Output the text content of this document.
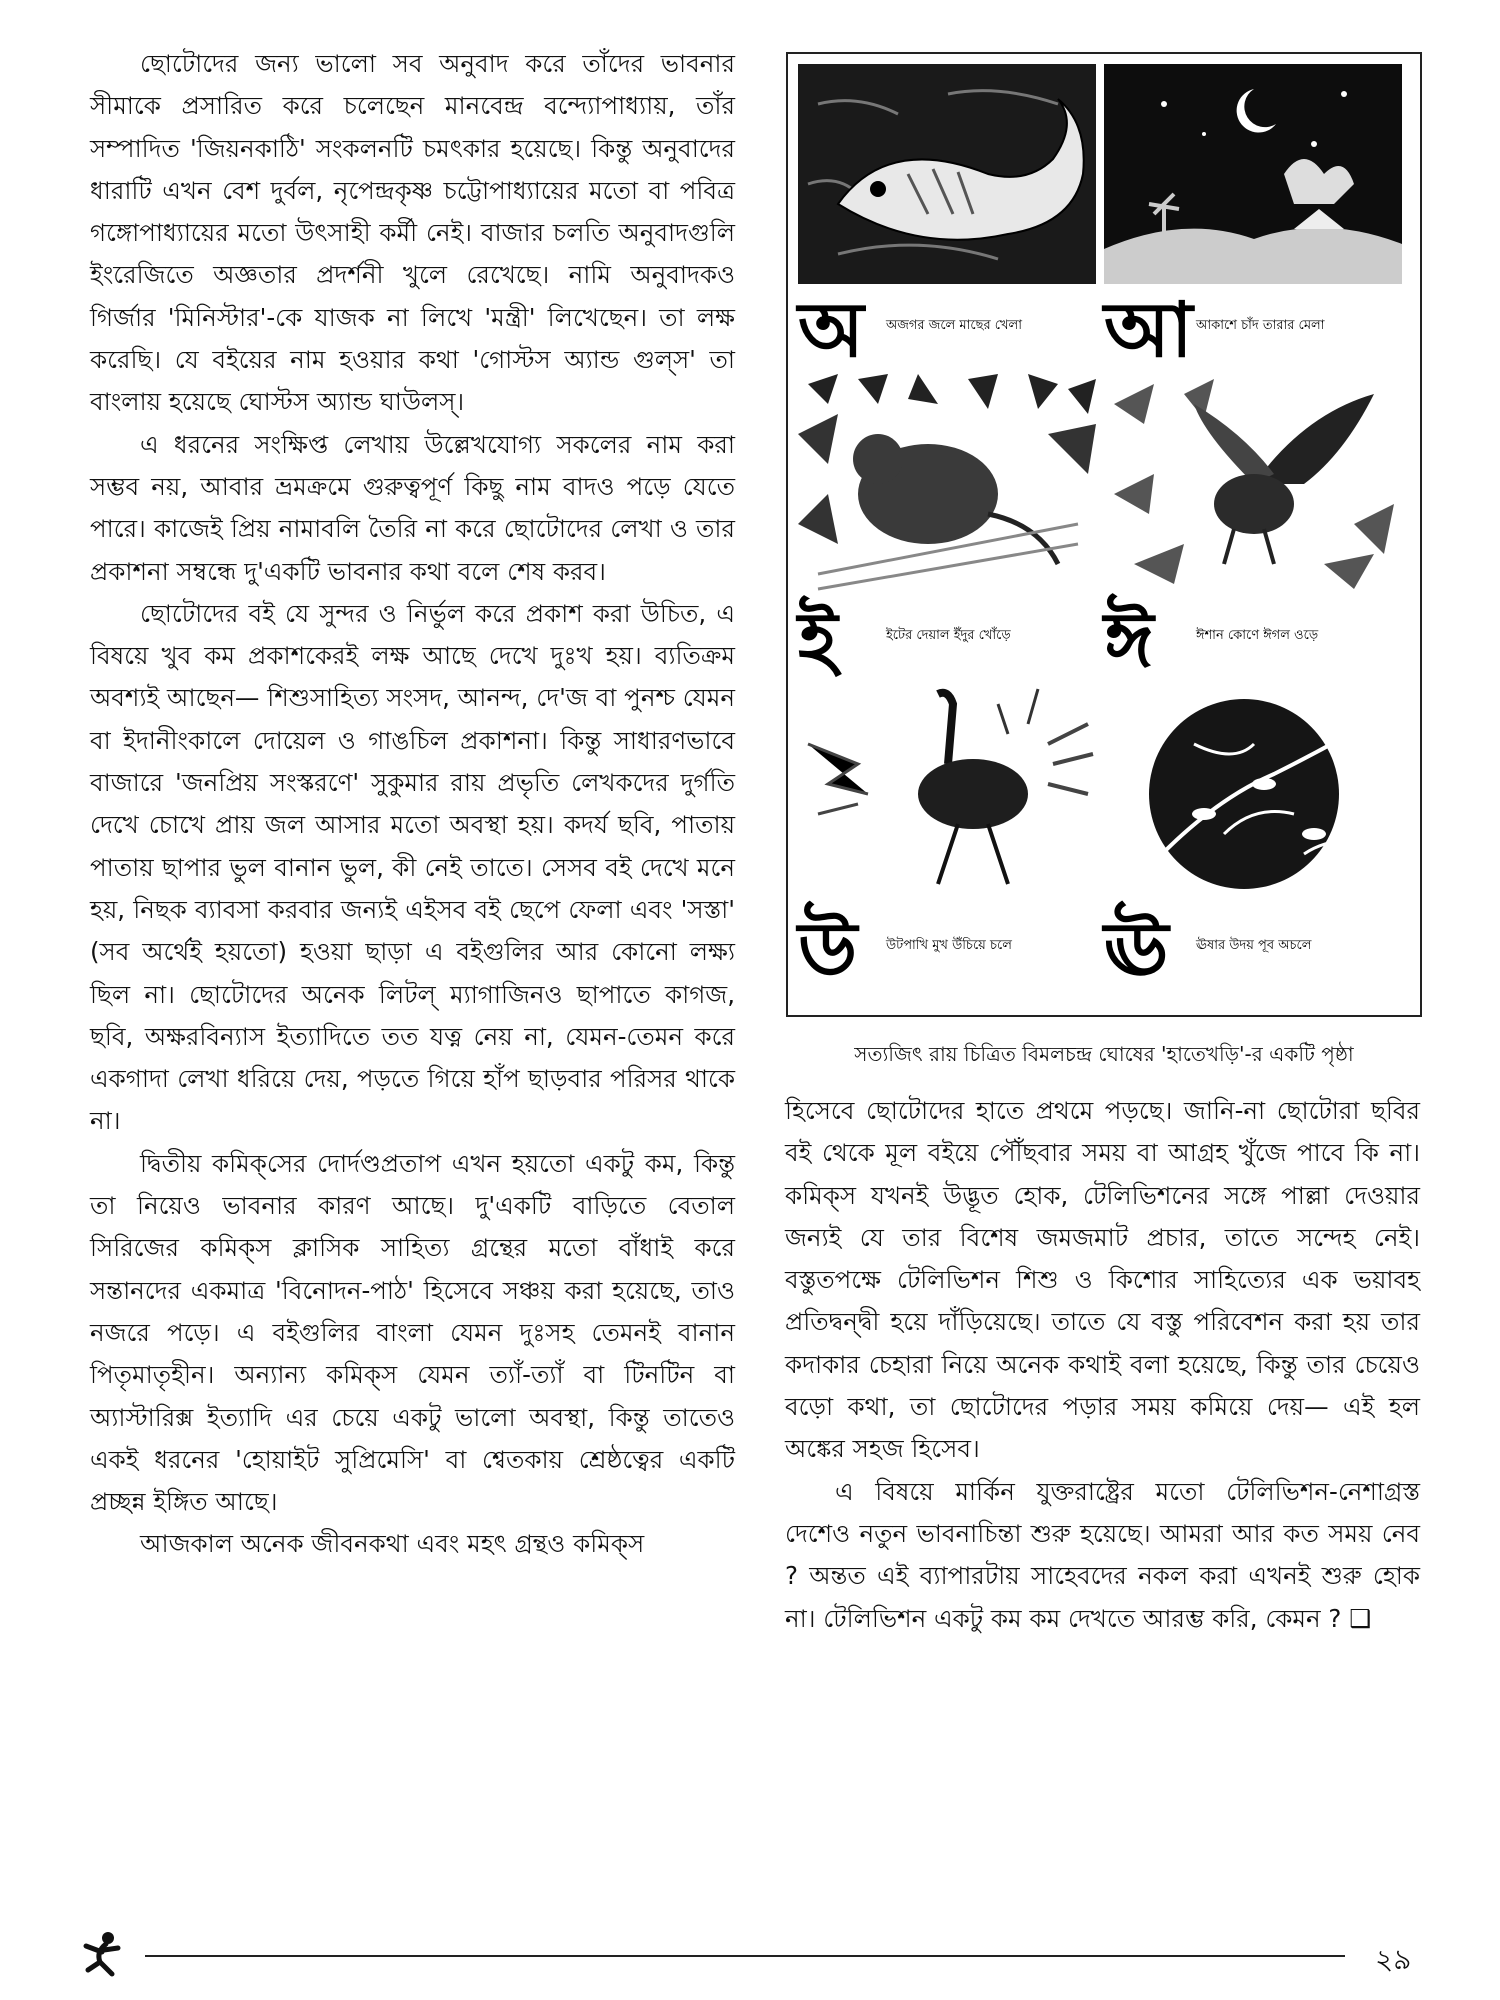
ছোটোদের জন্য ভালো সব অনুবাদ করে তাঁদের ভাবনার সীমাকে প্রসারিত করে চলেছেন মানবেন্দ্র বন্দ্যোপাধ্যায়, তাঁর সম্পাদিত 'জিয়নকাঠি' সংকলনটি চমৎকার হয়েছে। কিন্তু অনুবাদের ধারাটি এখন বেশ দুর্বল, নৃপেন্দ্রকৃষ্ণ চট্টোপাধ্যায়ের মতো বা পবিত্র গঙ্গোপাধ্যায়ের মতো উৎসাহী কর্মী নেই। বাজার চলতি অনুবাদগুলি ইংরেজিতে অজ্ঞতার প্রদর্শনী খুলে রেখেছে। নামি অনুবাদকও গির্জার 'মিনিস্টার'-কে যাজক না লিখে 'মন্ত্রী' লিখেছেন। তা লক্ষ করেছি। যে বইয়ের নাম হওয়ার কথা 'গোস্টস অ্যান্ড গুল্‌স' তা বাংলায় হয়েছে ঘোস্টস অ্যান্ড ঘাউলস্‌।

এ ধরনের সংক্ষিপ্ত লেখায় উল্লেখযোগ্য সকলের নাম করা সম্ভব নয়, আবার ভ্রমক্রমে গুরুত্বপূর্ণ কিছু নাম বাদও পড়ে যেতে পারে। কাজেই প্রিয় নামাবলি তৈরি না করে ছোটোদের লেখা ও তার প্রকাশনা সম্বন্ধে দু'একটি ভাবনার কথা বলে শেষ করব।

ছোটোদের বই যে সুন্দর ও নির্ভুল করে প্রকাশ করা উচিত, এ বিষয়ে খুব কম প্রকাশকেরই লক্ষ আছে দেখে দুঃখ হয়। ব্যতিক্রম অবশ্যই আছেন— শিশুসাহিত্য সংসদ, আনন্দ, দে'জ বা পুনশ্চ যেমন বা ইদানীংকালে দোয়েল ও গাঙচিল প্রকাশনা। কিন্তু সাধারণভাবে বাজারে 'জনপ্রিয় সংস্করণে' সুকুমার রায় প্রভৃতি লেখকদের দুর্গতি দেখে চোখে প্রায় জল আসার মতো অবস্থা হয়। কদর্য ছবি, পাতায় পাতায় ছাপার ভুল বানান ভুল, কী নেই তাতে। সেসব বই দেখে মনে হয়, নিছক ব্যাবসা করবার জন্যই এইসব বই ছেপে ফেলা এবং 'সস্তা' (সব অর্থেই হয়তো) হওয়া ছাড়া এ বইগুলির আর কোনো লক্ষ্য ছিল না। ছোটোদের অনেক লিটল্‌ ম্যাগাজিনও ছাপাতে কাগজ, ছবি, অক্ষরবিন্যাস ইত্যাদিতে তত যত্ন নেয় না, যেমন-তেমন করে একগাদা লেখা ধরিয়ে দেয়, পড়তে গিয়ে হাঁপ ছাড়বার পরিসর থাকে না।

দ্বিতীয় কমিক্‌সের দোর্দণ্ডপ্রতাপ এখন হয়তো একটু কম, কিন্তু তা নিয়েও ভাবনার কারণ আছে। দু'একটি বাড়িতে বেতাল সিরিজের কমিক্‌স ক্লাসিক সাহিত্য গ্রন্থের মতো বাঁধাই করে সন্তানদের একমাত্র 'বিনোদন-পাঠ' হিসেবে সঞ্চয় করা হয়েছে, তাও নজরে পড়ে। এ বইগুলির বাংলা যেমন দুঃসহ তেমনই বানান পিতৃমাতৃহীন। অন্যান্য কমিক্‌স যেমন ত্যাঁ-ত্যাঁ বা টিনটিন বা অ্যাস্টারিক্স ইত্যাদি এর চেয়ে একটু ভালো অবস্থা, কিন্তু তাতেও একই ধরনের 'হোয়াইট সুপ্রিমেসি' বা শ্বেতকায় শ্রেষ্ঠত্বের একটি প্রচ্ছন্ন ইঙ্গিত আছে।

আজকাল অনেক জীবনকথা এবং মহৎ গ্রন্থও কমিক্‌স

অ অজগর জলে মাছের খেলা আ আকাশে চাঁদ তারার মেলা
ই	ইটের দেয়াল ইঁদুর খোঁড়ে ঈ	ঈশান কোণে ঈগল ওড়ে
উ উটপাখি মুখ উঁচিয়ে চলে ঊ ঊষার উদয় পূব অচলে
সত্যজিৎ রায় চিত্রিত বিমলচন্দ্র ঘোষের 'হাতেখড়ি'-র একটি পৃষ্ঠা

হিসেবে ছোটোদের হাতে প্রথমে পড়ছে। জানি-না ছোটোরা ছবির বই থেকে মূল বইয়ে পৌঁছবার সময় বা আগ্রহ খুঁজে পাবে কি না। কমিক্‌স যখনই উদ্ভূত হোক, টেলিভিশনের সঙ্গে পাল্লা দেওয়ার জন্যই যে তার বিশেষ জমজমাট প্রচার, তাতে সন্দেহ নেই। বস্তুতপক্ষে টেলিভিশন শিশু ও কিশোর সাহিত্যের এক ভয়াবহ প্রতিদ্বন্দ্বী হয়ে দাঁড়িয়েছে। তাতে যে বস্তু পরিবেশন করা হয় তার কদাকার চেহারা নিয়ে অনেক কথাই বলা হয়েছে, কিন্তু তার চেয়েও বড়ো কথা, তা ছোটোদের পড়ার সময় কমিয়ে দেয়— এই হল অঙ্কের সহজ হিসেব।

এ বিষয়ে মার্কিন যুক্তরাষ্ট্রের মতো টেলিভিশন-নেশাগ্রস্ত দেশেও নতুন ভাবনাচিন্তা শুরু হয়েছে। আমরা আর কত সময় নেব ? অন্তত এই ব্যাপারটায় সাহেবদের নকল করা এখনই শুরু হোক না। টেলিভিশন একটু কম কম দেখতে আরম্ভ করি, কেমন ? ❑

২৯
